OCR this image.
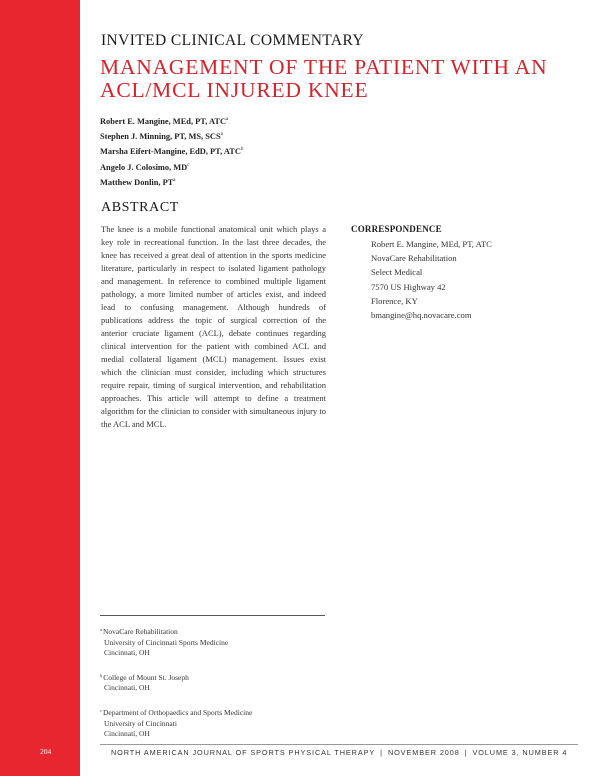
204
INVITED CLINICAL COMMENTARY
MANAGEMENT OF THE PATIENT WITH AN ACL/MCL INJURED KNEE
Robert E. Mangine, MEd, PT, ATC$^a$
Stephen J. Minning, PT, MS, SCS$^a$
Marsha Eifert-Mangine, EdD, PT, ATC$^b$
Angelo J. Colosimo, $MD^c$
Matthew Donlin, $PT^a$
ABSTRACT

The knee is a mobile functional anatomical unit which plays a key role in recreational function. In the last three decades, the knee has received a great deal of attention in the sports medicine literature, particularly in respect to isolated ligament pathology and management. In reference to combined multiple ligament pathology, a more limited number of articles exist, and indeed lead to confusing management. Although hundreds of publications address the topic of surgical correction of the anterior cruciate ligament (ACL), debate continues regarding clinical intervention for the patient with combined ACL and medial collateral ligament (MCL) management. Issues exist which the clinician must consider, including which structures require repair, timing of surgical intervention, and rehabilitation approaches. This article will attempt to define a treatment algorithm for the clinician to consider with simultaneous injury to the ACL and MCL.

CORRESPONDENCE
Robert E. Mangine, MEd, PT, ATC
NovaCare Rehabilitation
Select Medical
7570 US Highway 42
Florence, KY
bmangine@hq.novacare.com
$^a$NovaCare Rehabilitation
University of Cincinnati Sports Medicine
Cincinnati, OH
$^b$College of Mount St. Joseph
Cincinnati, OH
$^c$Department of Orthopaedics and Sports Medicine
University of Cincinnati
Cincinnati, OH
NORTH AMERICAN JOURNAL OF SPORTS PHYSICAL THERAPY | NOVEMBER 2008 | VOLUME 3, NUMBER 4
